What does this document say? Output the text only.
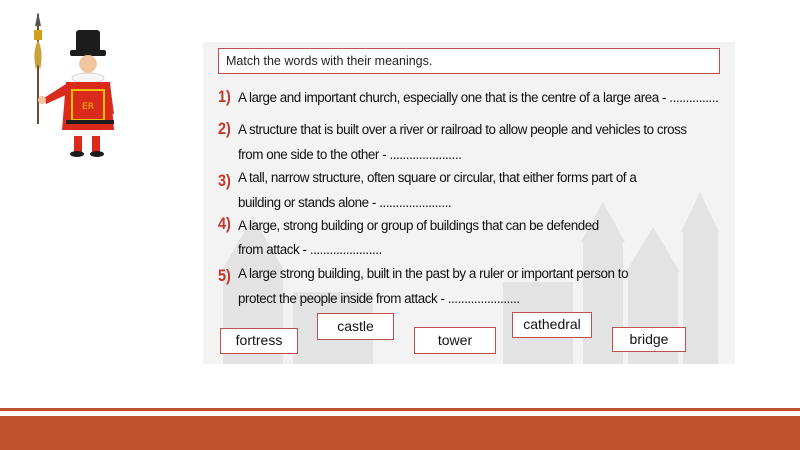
ER
Match the words with their meanings.
1)
2)
3)
4)
5)
A large and important church, especially one that is the centre of a large area - ...............
A structure that is built over a river or railroad to allow people and vehicles to cross
from one side to the other - ......................
A tall, narrow structure, often square or circular, that either forms part of a
building or stands alone - ......................
A large, strong building or group of buildings that can be defended
from attack - ......................
A large strong building, built in the past by a ruler or important person to
protect the people inside from attack - ......................
fortress
castle
tower
cathedral
bridge
